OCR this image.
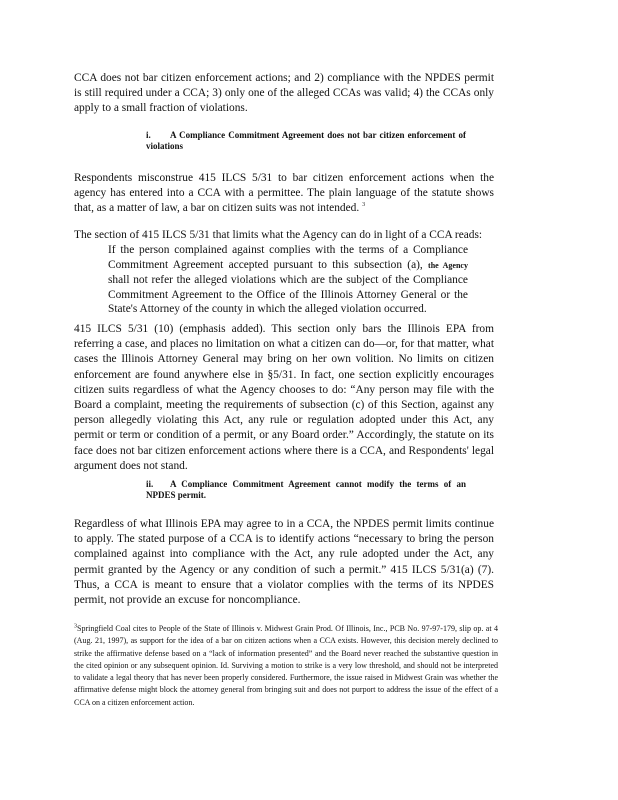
CCA does not bar citizen enforcement actions; and 2) compliance with the NPDES permit is still required under a CCA; 3) only one of the alleged CCAs was valid; 4) the CCAs only apply to a small fraction of violations.

i. A Compliance Commitment Agreement does not bar citizen enforcement of violations

Respondents misconstrue 415 ILCS 5/31 to bar citizen enforcement actions when the agency has entered into a CCA with a permittee. The plain language of the statute shows that, as a matter of law, a bar on citizen suits was not intended. $^3$

The section of 415 ILCS 5/31 that limits what the Agency can do in light of a CCA reads:

If the person complained against complies with the terms of a Compliance Commitment Agreement accepted pursuant to this subsection (a), the Agency shall not refer the alleged violations which are the subject of the Compliance Commitment Agreement to the Office of the Illinois Attorney General or the State's Attorney of the county in which the alleged violation occurred.

415 ILCS 5/31 (10) (emphasis added). This section only bars the Illinois EPA from referring a case, and places no limitation on what a citizen can do—or, for that matter, what cases the Illinois Attorney General may bring on her own volition. No limits on citizen enforcement are found anywhere else in §5/31. In fact, one section explicitly encourages citizen suits regardless of what the Agency chooses to do: “Any person may file with the Board a complaint, meeting the requirements of subsection (c) of this Section, against any person allegedly violating this Act, any rule or regulation adopted under this Act, any permit or term or condition of a permit, or any Board order.” Accordingly, the statute on its face does not bar citizen enforcement actions where there is a CCA, and Respondents' legal argument does not stand.

ii. A Compliance Commitment Agreement cannot modify the terms of an NPDES permit.

Regardless of what Illinois EPA may agree to in a CCA, the NPDES permit limits continue to apply. The stated purpose of a CCA is to identify actions “necessary to bring the person complained against into compliance with the Act, any rule adopted under the Act, any permit granted by the Agency or any condition of such a permit.” 415 ILCS 5/31(a) (7). Thus, a CCA is meant to ensure that a violator complies with the terms of its NPDES permit, not provide an excuse for noncompliance.

$^3$Springfield Coal cites to People of the State of Illinois v. Midwest Grain Prod. Of Illinois, Inc., PCB No. 97-97-179, slip op. at 4 (Aug. 21, 1997), as support for the idea of a bar on citizen actions when a CCA exists. However, this decision merely declined to strike the affirmative defense based on a “lack of information presented” and the Board never reached the substantive question in the cited opinion or any subsequent opinion. Id. Surviving a motion to strike is a very low threshold, and should not be interpreted to validate a legal theory that has never been properly considered. Furthermore, the issue raised in Midwest Grain was whether the affirmative defense might block the attorney general from bringing suit and does not purport to address the issue of the effect of a CCA on a citizen enforcement action.
